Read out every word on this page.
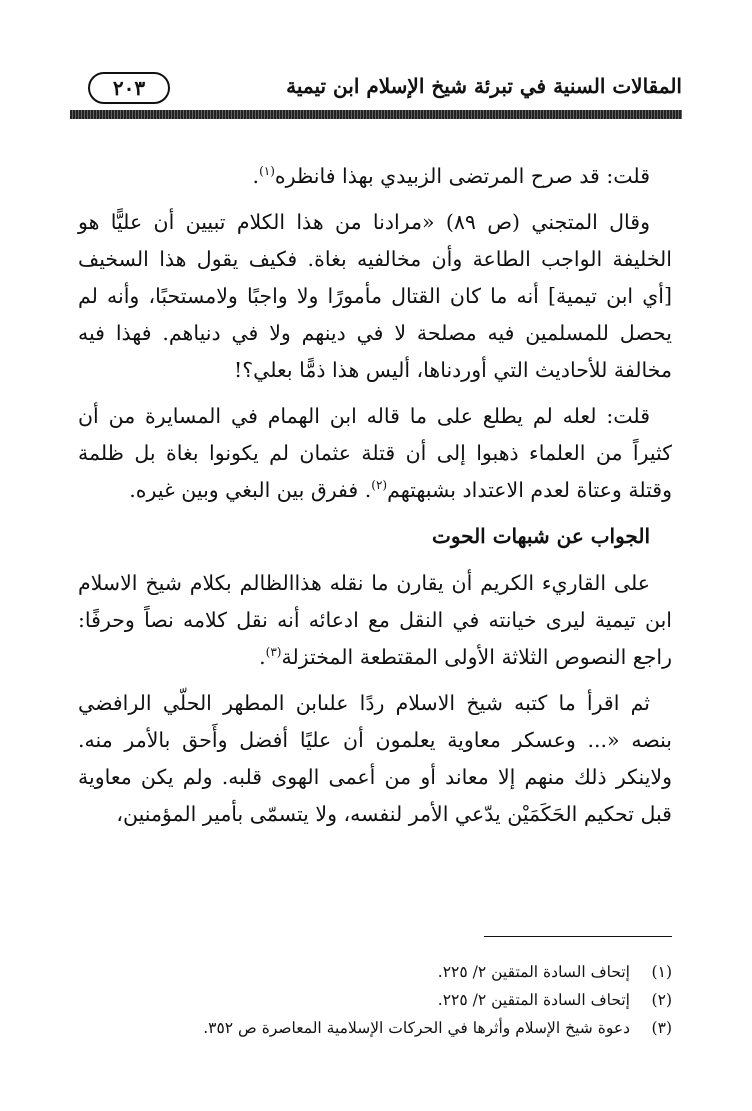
المقالات السنية في تبرئة شيخ الإسلام ابن تيمية
٢٠٣

قلت: قد صرح المرتضى الزبيدي بهذا فانظره$^{(١)}$.

وقال المتجني (ص ٨٩) «مرادنا من هذا الكلام تبيين أن عليًّا هو الخليفة الواجب الطاعة وأن مخالفيه بغاة. فكيف يقول هذا السخيف [أي ابن تيمية] أنه ما كان القتال مأمورًا ولا واجبًا ولامستحبًا، وأنه لم يحصل للمسلمين فيه مصلحة لا في دينهم ولا في دنياهم. فهذا فيه مخالفة للأحاديث التي أوردناها، أليس هذا ذمًّا بعلي؟!

قلت: لعله لم يطلع على ما قاله ابن الهمام في المسايرة من أن كثيراً من العلماء ذهبوا إلى أن قتلة عثمان لم يكونوا بغاة بل ظلمة وقتلة وعتاة لعدم الاعتداد بشبهتهم$^{(٢)}$. ففرق بين البغي وبين غيره.

الجواب عن شبهات الحوت

على القاريء الكريم أن يقارن ما نقله هذاالظالم بكلام شيخ الاسلام ابن تيمية ليرى خيانته في النقل مع ادعائه أنه نقل كلامه نصاً وحرفًا: راجع النصوص الثلاثة الأولى المقتطعة المختزلة$^{(٣)}$.

ثم اقرأ ما كتبه شيخ الاسلام ردًا علىابن المطهر الحلّي الرافضي بنصه «... وعسكر معاوية يعلمون أن عليًا أفضل وأَحق بالأمر منه. ولاينكر ذلك منهم إلا معاند أو من أعمى الهوى قلبه. ولم يكن معاوية قبل تحكيم الحَكَمَيْن يدّعي الأمر لنفسه، ولا يتسمّى بأمير المؤمنين،

(١)إتحاف السادة المتقين ٢/ ٢٢٥.
(٢)إتحاف السادة المتقين ٢/ ٢٢٥.
(٣)دعوة شيخ الإسلام وأثرها في الحركات الإسلامية المعاصرة ص ٣٥٢.
